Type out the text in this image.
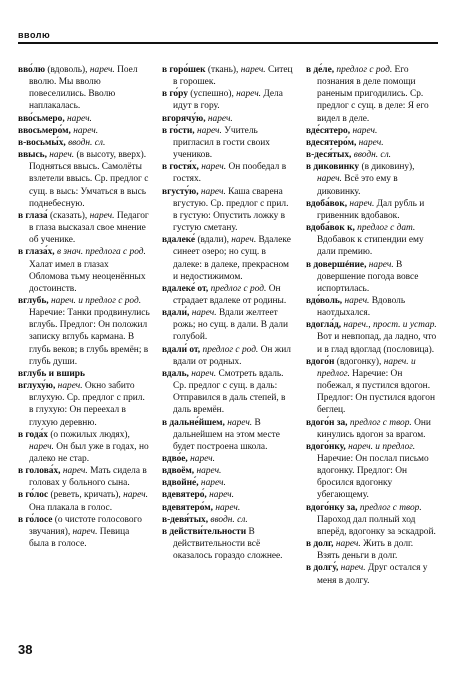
вволю

вво́лю (вдоволь), нареч. Поел вволю. Мы вволю повеселились. Вволю наплакалась.

вво́сьмеро, нареч.

ввосьмеро́м, нареч.

в-восьмы́х, вводн. сл.

ввысь, нареч. (в высоту, вверх). Подняться ввысь. Самолёты взлетели ввысь. Ср. предлог с сущ. в высь: Умчаться в высь поднебесную.

в глаза́ (сказать), нареч. Педагог в глаза высказал свое мнение об ученике.

в глаза́х, в знач. предлога с род. Халат имел в глазах Обломова тьму неоценённых достоинств.

вглубь, нареч. и предлог с род. Наречие: Танки продвинулись вглубь. Предлог: Он положил записку вглубь кармана. В глубь веков; в глубь времён; в глубь души.

вглубь и вширь

вглуху́ю, нареч. Окно забито вглухую. Ср. предлог с прил. в глухую: Он переехал в глухую деревню.

в года́х (о пожилых людях), нареч. Он был уже в годах, но далеко не стар.

в голова́х, нареч. Мать сидела в головах у больного сына.

в го́лос (реветь, кричать), нареч. Она плакала в голос.

в го́лосе (о чистоте голосового звучания), нареч. Певица была в голосе.

в горо́шек (ткань), нареч. Ситец в горошек.

в го́ру (успешно), нареч. Дела идут в гору.

вгорячу́ю, нареч.

в го́сти, нареч. Учитель пригласил в гости своих учеников.

в гостя́х, нареч. Он пообедал в гостях.

вгусту́ю, нареч. Каша сварена вгустую. Ср. предлог с прил. в густую: Опустить ложку в густую сметану.

вдалеке́ (вдали), нареч. Вдалеке синеет озеро; но сущ. в далеке: в далеке, прекрасном и недостижимом.

вдалеке́ от, предлог с род. Он страдает вдалеке от родины.

вдали́, нареч. Вдали желтеет рожь; но сущ. в дали. В дали голубой.

вдали́ от, предлог с род. Он жил вдали от родных.

вдаль, нареч. Смотреть вдаль. Ср. предлог с сущ. в даль: Отправился в даль степей, в даль времён.

в дальне́йшем, нареч. В дальнейшем на этом месте будет построена школа.

вдво́е, нареч.

вдвоём, нареч.

вдвойне́, нареч.

вдевятеро́, нареч.

вдевятеро́м, нареч.

в-девя́тых, вводн. сл.

в действи́тельности В действительности всё оказалось гораздо сложнее.

в де́ле, предлог с род. Его познания в деле помощи раненым пригодились. Ср. предлог с сущ. в деле: Я его видел в деле.

вде́сятеро, нареч.

вдесятеро́м, нареч.

в-деся́тых, вводн. сл.

в диковинку (в диковину), нареч. Всё это ему в диковинку.

вдоба́вок, нареч. Дал рубль и гривенник вдобавок.

вдоба́вок к, предлог с дат. Вдобавок к стипендии ему дали премию.

в довершéние, нареч. В довершение погода вовсе испортилась.

вдо́воль, нареч. Вдоволь наотдыхался.

вдогла́д, нареч., прост. и устар. Вот и невпопад, да ладно, что и в глад вдоглад (пословица).

вдого́н (вдогонку), нареч. и предлог. Наречие: Он побежал, я пустился вдогон. Предлог: Он пустился вдогон беглец.

вдого́н за, предлог с твор. Они кинулись вдогон за врагом.

вдого́нку, нареч. и предлог. Наречие: Он послал письмо вдогонку. Предлог: Он бросился вдогонку убегающему.

вдого́нку за, предлог с твор. Пароход дал полный ход вперёд, вдогонку за эскадрой.

в долг, нареч. Жить в долг. Взять деньги в долг.

в долгу́, нареч. Друг остался у меня в долгу.

38
